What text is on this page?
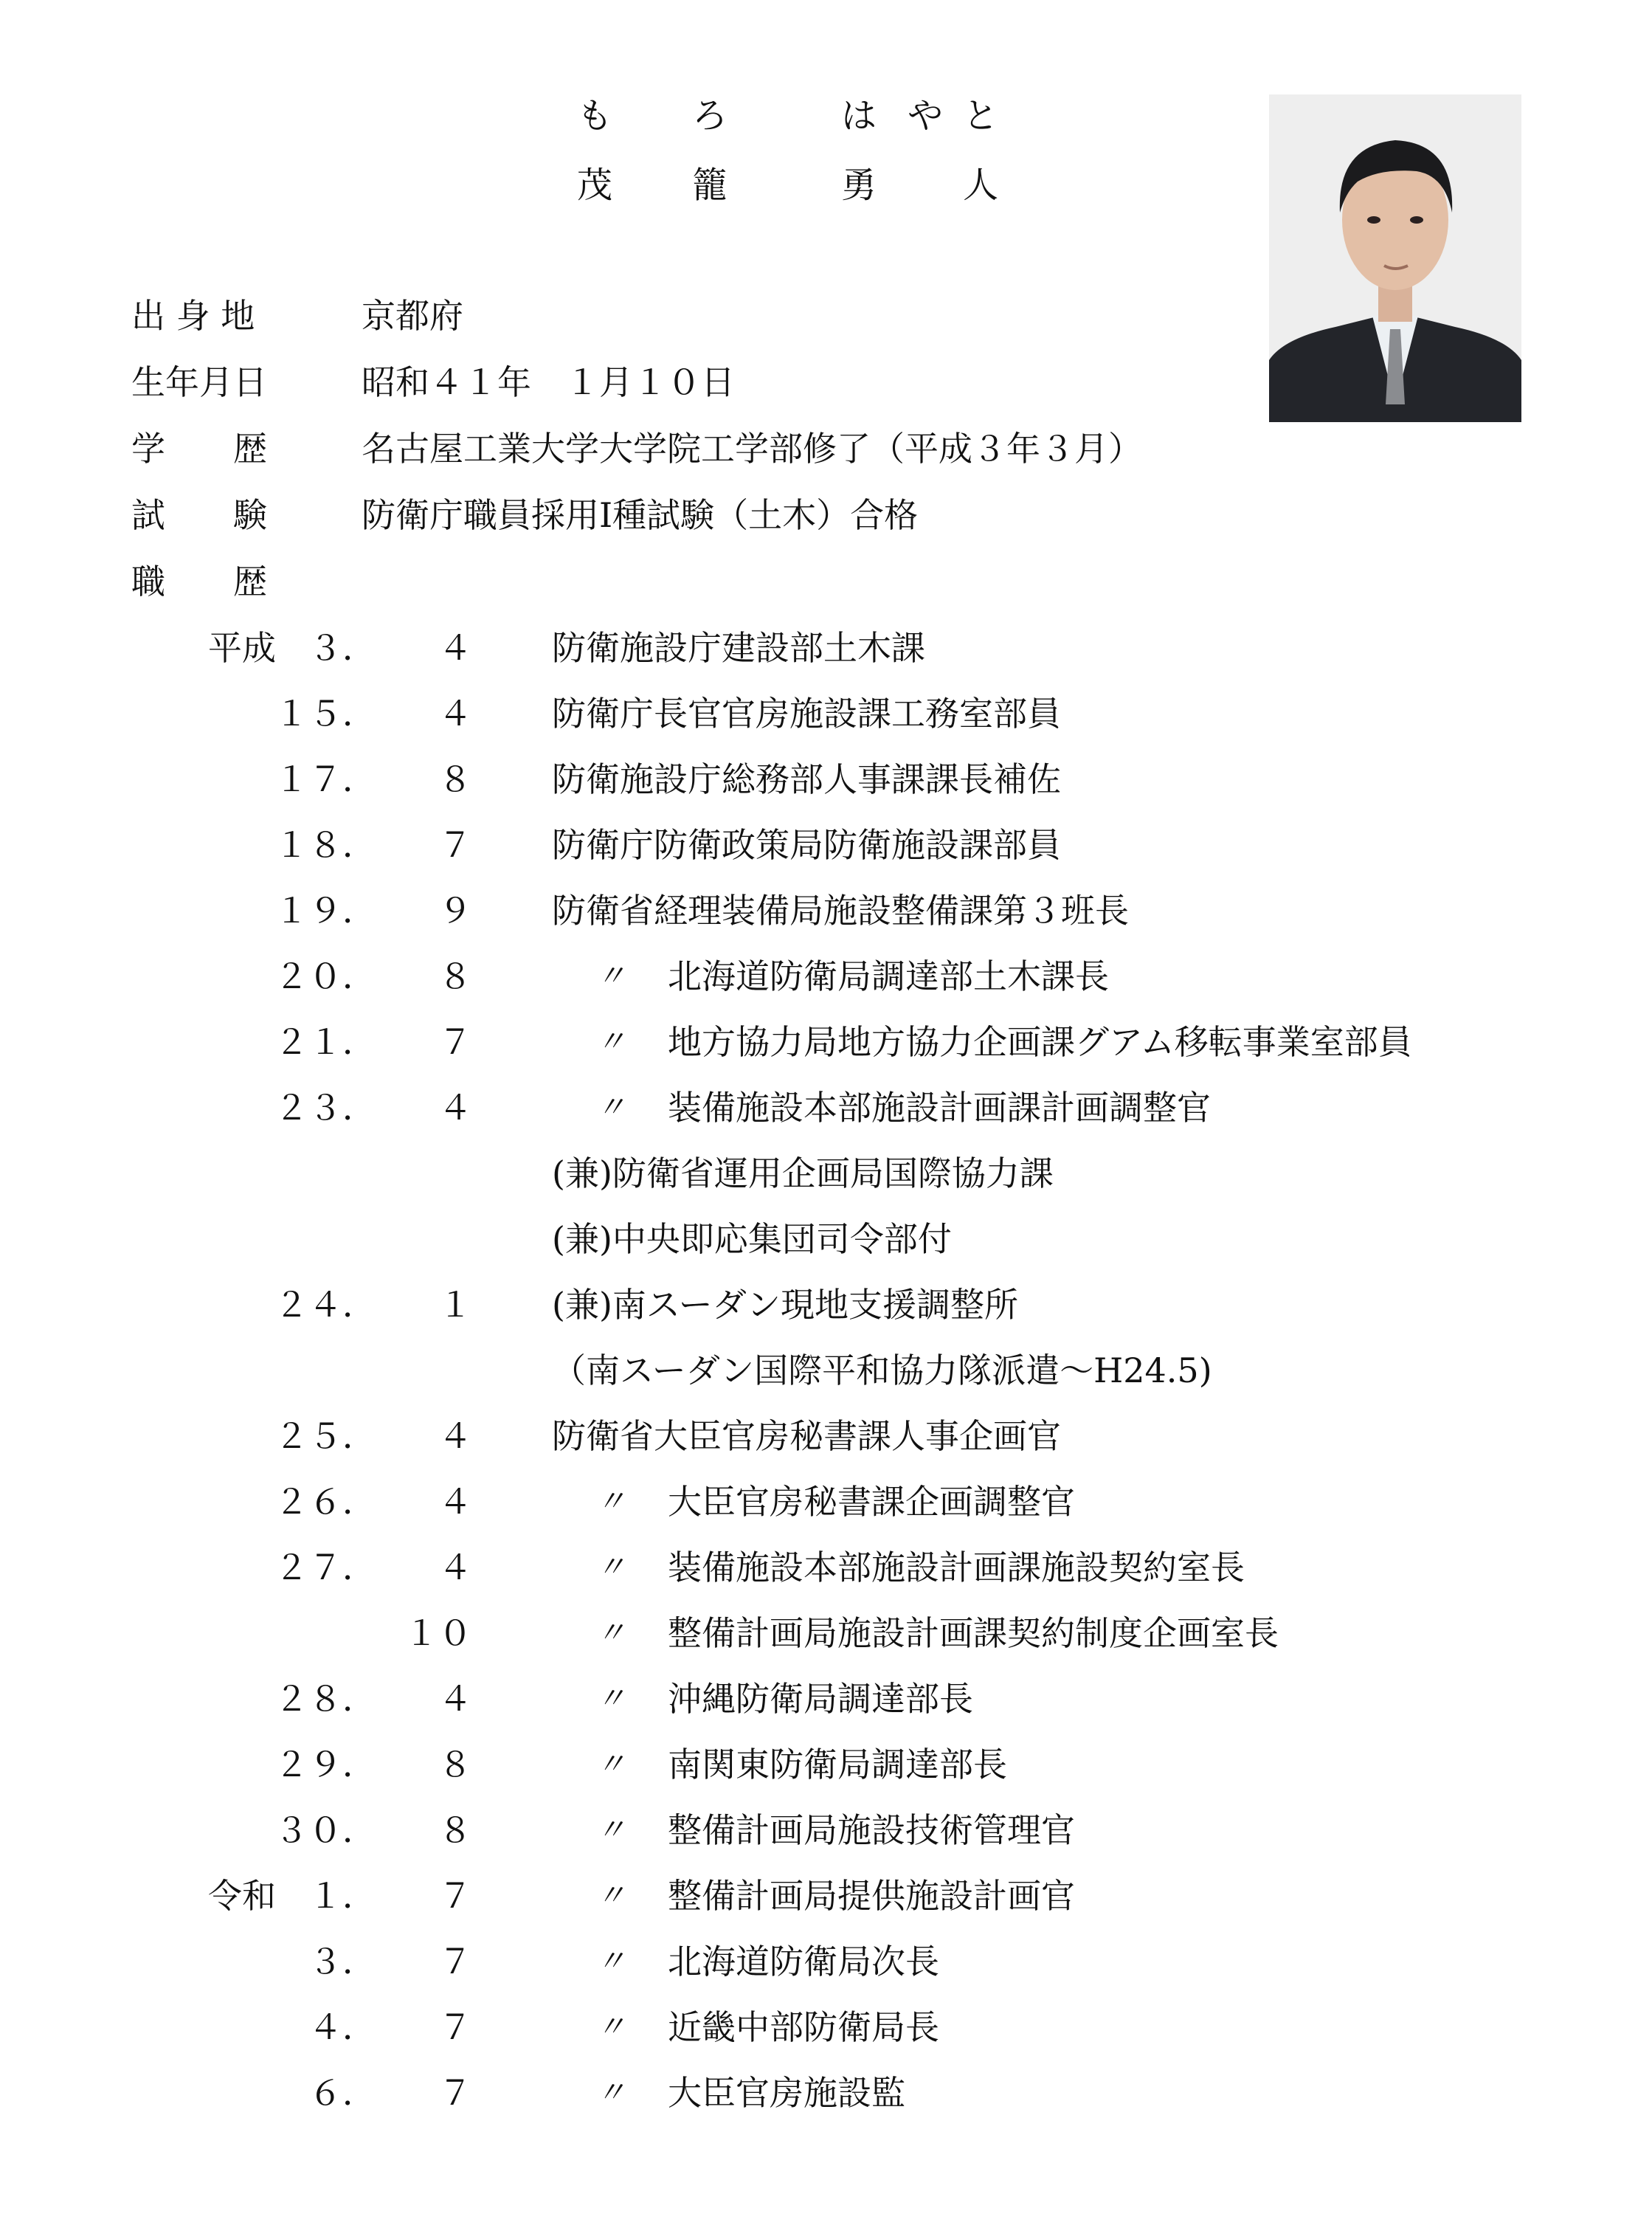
も ろ	は や と
茂 籠	勇 人
出 身 地	京都府
生年月日	昭和４１年　１月１０日
学　　歴	名古屋工業大学大学院工学部修了（平成３年３月）
試　　験	防衛庁職員採用Ⅰ種試験（土木）合格
職　　歴
平成 ３． ４ 防衛施設庁建設部土木課
１５． ４ 防衛庁長官官房施設課工務室部員
１７． ８ 防衛施設庁総務部人事課課長補佐
１８． ７ 防衛庁防衛政策局防衛施設課部員
１９． ９ 防衛省経理装備局施設整備課第３班長
２０． ８	〃 北海道防衛局調達部土木課長
２１． ７	〃 地方協力局地方協力企画課グアム移転事業室部員
２３． ４	〃 装備施設本部施設計画課計画調整官
(兼)防衛省運用企画局国際協力課
(兼)中央即応集団司令部付
２４． １ (兼)南スーダン現地支援調整所
（南スーダン国際平和協力隊派遣～H24.5)
２５． ４ 防衛省大臣官房秘書課人事企画官
２６． ４	〃 大臣官房秘書課企画調整官
２７． ４	〃 装備施設本部施設計画課施設契約室長
１０	〃 整備計画局施設計画課契約制度企画室長
２８． ４	〃 沖縄防衛局調達部長
２９． ８	〃 南関東防衛局調達部長
３０． ８	〃 整備計画局施設技術管理官
令和 １． ７	〃 整備計画局提供施設計画官
３． ７	〃 北海道防衛局次長
４． ７	〃 近畿中部防衛局長
６． ７	〃 大臣官房施設監
